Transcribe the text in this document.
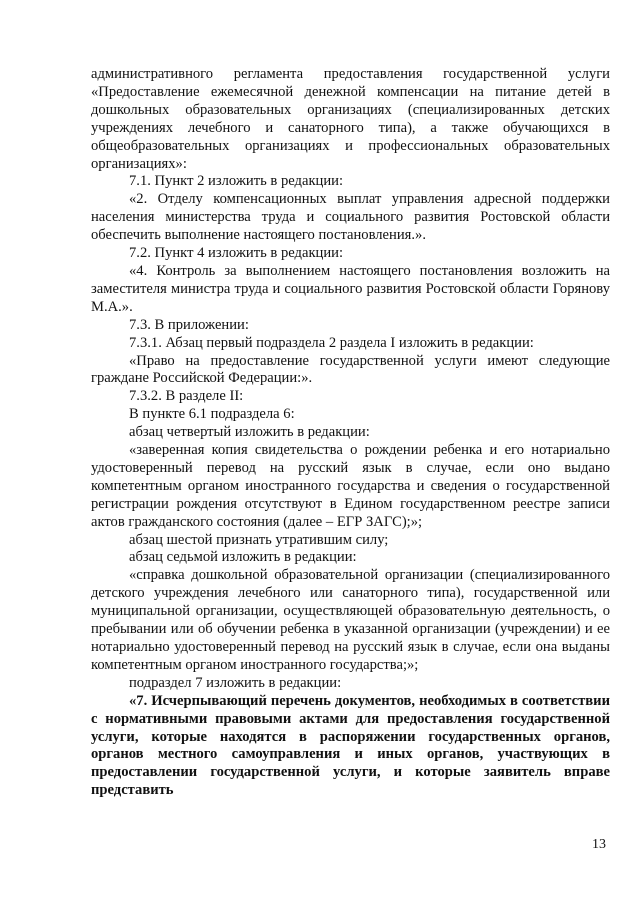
административного регламента предоставления государственной услуги «Предоставление ежемесячной денежной компенсации на питание детей в дошкольных образовательных организациях (специализированных детских учреждениях лечебного и санаторного типа), а также обучающихся в общеобразовательных организациях и профессиональных образовательных организациях»:

7.1. Пункт 2 изложить в редакции:

«2. Отделу компенсационных выплат управления адресной поддержки населения министерства труда и социального развития Ростовской области обеспечить выполнение настоящего постановления.».

7.2. Пункт 4 изложить в редакции:

«4. Контроль за выполнением настоящего постановления возложить на заместителя министра труда и социального развития Ростовской области Горянову М.А.».

7.3. В приложении:

7.3.1. Абзац первый подраздела 2 раздела I изложить в редакции:

«Право на предоставление государственной услуги имеют следующие граждане Российской Федерации:».

7.3.2. В разделе II:

В пункте 6.1 подраздела 6:

абзац четвертый изложить в редакции:

«заверенная копия свидетельства о рождении ребенка и его нотариально удостоверенный перевод на русский язык в случае, если оно выдано компетентным органом иностранного государства и сведения о государственной регистрации рождения отсутствуют в Едином государственном реестре записи актов гражданского состояния (далее – ЕГР ЗАГС);»;

абзац шестой признать утратившим силу;

абзац седьмой изложить в редакции:

«справка дошкольной образовательной организации (специализированного детского учреждения лечебного или санаторного типа), государственной или муниципальной организации, осуществляющей образовательную деятельность, о пребывании или об обучении ребенка в указанной организации (учреждении) и ее нотариально удостоверенный перевод на русский язык в случае, если она выданы компетентным органом иностранного государства;»;

подраздел 7 изложить в редакции:

«7. Исчерпывающий перечень документов, необходимых в соответствии с нормативными правовыми актами для предоставления государственной услуги, которые находятся в распоряжении государственных органов, органов местного самоуправления и иных органов, участвующих в предоставлении государственной услуги, и которые заявитель вправе представить

13
